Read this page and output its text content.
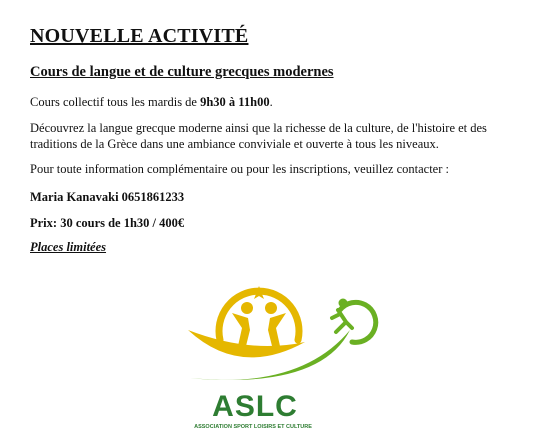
NOUVELLE ACTIVITÉ
Cours de langue et de culture grecques modernes
Cours collectif tous les mardis de 9h30 à 11h00.
Découvrez la langue grecque moderne ainsi que la richesse de la culture, de l'histoire et des
traditions de la Grèce dans une ambiance conviviale et ouverte à tous les niveaux.
Pour toute information complémentaire ou pour les inscriptions, veuillez contacter :
Maria Kanavaki 0651861233
Prix: 30 cours de 1h30 / 400€
Places limitées
ASLC
ASSOCIATION SPORT LOISIRS ET CULTURE
